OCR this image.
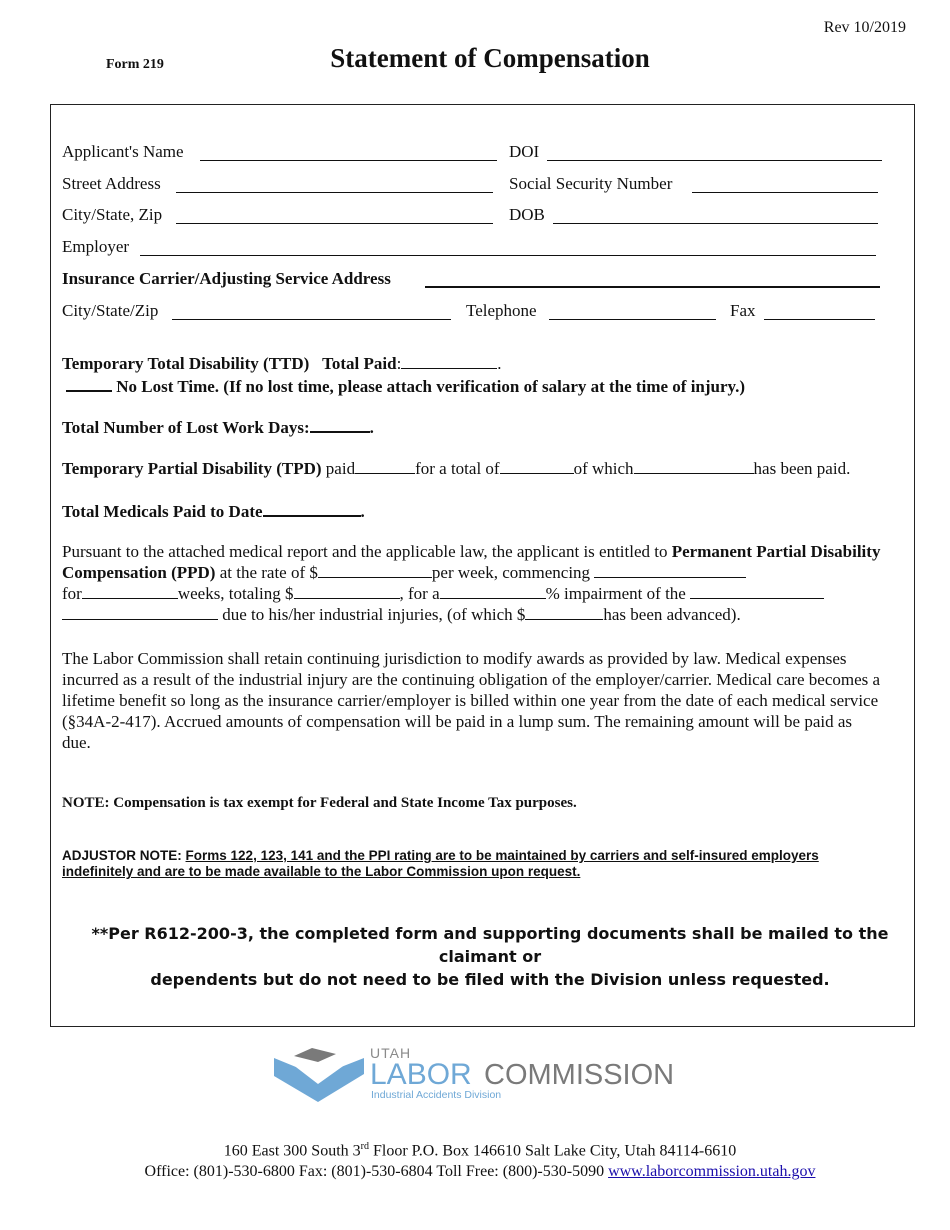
Rev 10/2019
Form 219	Statement of Compensation
Applicant's Name	DOI
Street Address	Social Security Number
City/State, Zip	DOB
Employer
Insurance Carrier/Adjusting Service Address
City/State/Zip	Telephone	Fax
Temporary Total Disability (TTD) Total Paid:	.
No Lost Time. (If no lost time, please attach verification of salary at the time of injury.)
Total Number of Lost Work Days:	.
Temporary Partial Disability (TPD) paid	for a total of	of which	has been paid.
Total Medicals Paid to Date	.
Pursuant to the attached medical report and the applicable law, the applicant is entitled to Permanent Partial Disability Compensation (PPD) at the rate of $	per week, commencing
for	weeks, totaling $	, for a	% impairment of the
due to his/her industrial injuries, (of which $	has been advanced).
The Labor Commission shall retain continuing jurisdiction to modify awards as provided by law. Medical expenses incurred as a result of the industrial injury are the continuing obligation of the employer/carrier. Medical care becomes a lifetime benefit so long as the insurance carrier/employer is billed within one year from the date of each medical service (§34A-2-417). Accrued amounts of compensation will be paid in a lump sum. The remaining amount will be paid as due.
NOTE: Compensation is tax exempt for Federal and State Income Tax purposes.
ADJUSTOR NOTE: Forms 122, 123, 141 and the PPI rating are to be maintained by carriers and self-insured employers indefinitely and are to be made available to the Labor Commission upon request.
**Per R612-200-3, the completed form and supporting documents shall be mailed to the claimant or
dependents but do not need to be filed with the Division unless requested.
UTAH
LABOR COMMISSION
Industrial Accidents Division
160 East 300 South 3rd Floor P.O. Box 146610 Salt Lake City, Utah 84114-6610
Office: (801)-530-6800 Fax: (801)-530-6804 Toll Free: (800)-530-5090 www.laborcommission.utah.gov
